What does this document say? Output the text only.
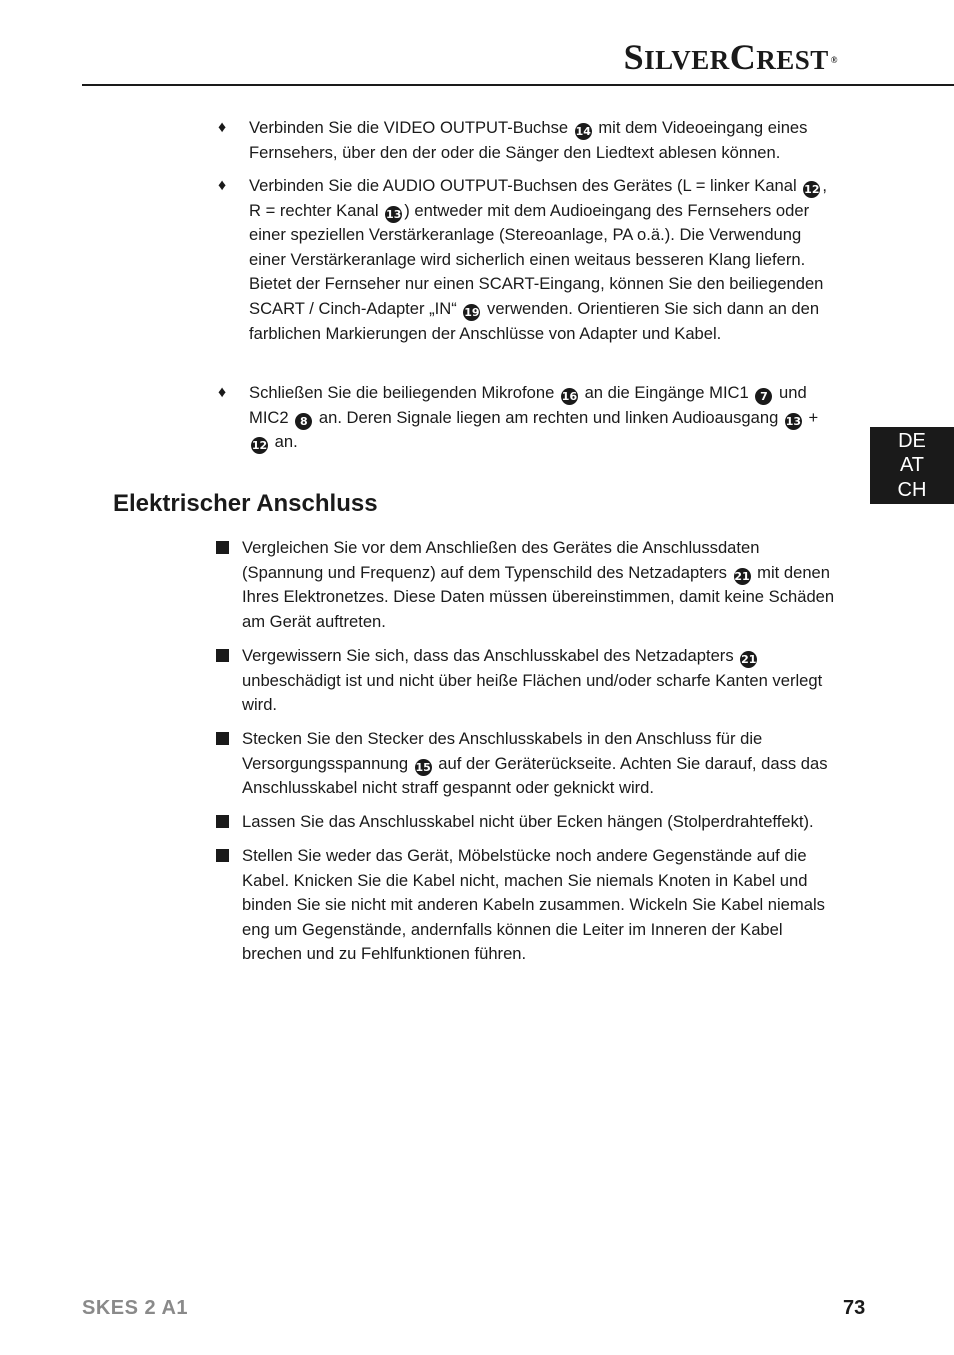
SILVERCREST ®
DE
AT
CH
♦ Verbinden Sie die VIDEO OUTPUT-Buchse 14 mit dem Videoeingang eines Fernsehers, über den der oder die Sänger den Liedtext ablesen können.
♦ Verbinden Sie die AUDIO OUTPUT-Buchsen des Gerätes (L = linker Kanal 12 , R = rechter Kanal 13 ) entweder mit dem Audioeingang des Fernsehers oder einer speziellen Verstärkeranlage (Stereoanlage, PA o.ä.). Die Verwendung einer Verstärkeranlage wird sicherlich einen weitaus besseren Klang liefern. Bietet der Fernseher nur einen SCART-Eingang, können Sie den beiliegenden SCART / Cinch-Adapter „IN“ 19 verwenden. Orientieren Sie sich dann an den farblichen Markierungen der Anschlüsse von Adapter und Kabel.
♦ Schließen Sie die beiliegenden Mikrofone 16 an die Eingänge MIC1 7 und MIC2 8 an. Deren Signale liegen am rechten und linken Audioausgang 13 + 12 an.
Elektrischer Anschluss
Vergleichen Sie vor dem Anschließen des Gerätes die Anschlussdaten (Spannung und Frequenz) auf dem Typenschild des Netzadapters 21 mit denen Ihres Elektronetzes. Diese Daten müssen übereinstimmen, damit keine Schäden am Gerät auftreten.
Vergewissern Sie sich, dass das Anschlusskabel des Netzadapters 21 unbeschädigt ist und nicht über heiße Flächen und/oder scharfe Kanten verlegt wird.
Stecken Sie den Stecker des Anschlusskabels in den Anschluss für die Versorgungsspannung 15 auf der Geräterückseite. Achten Sie darauf, dass das Anschlusskabel nicht straff gespannt oder geknickt wird.
Lassen Sie das Anschlusskabel nicht über Ecken hängen (Stolperdrahteffekt).
Stellen Sie weder das Gerät, Möbelstücke noch andere Gegenstände auf die Kabel. Knicken Sie die Kabel nicht, machen Sie niemals Knoten in Kabel und binden Sie sie nicht mit anderen Kabeln zusammen. Wickeln Sie Kabel niemals eng um Gegenstände, andernfalls können die Leiter im Inneren der Kabel brechen und zu Fehlfunktionen führen.
SKES 2 A1	73
